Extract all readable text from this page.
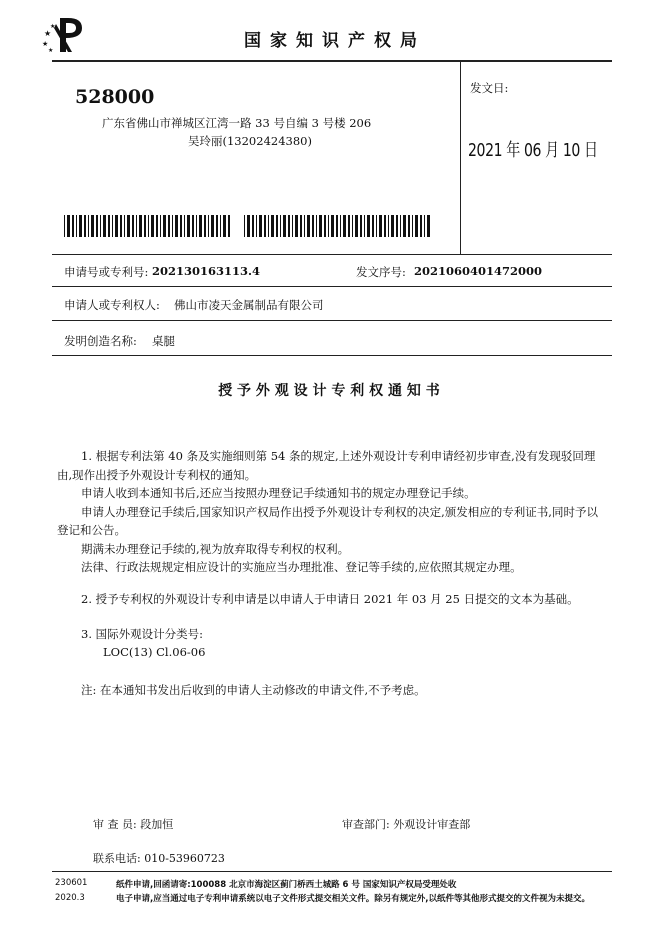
★
★
★
★
国家知识产权局
528000
广东省佛山市禅城区江湾一路 33 号自编 3 号楼 206
吴玲丽(13202424380)
发文日:
2021 年 06 月 10 日
申请号或专利号: 202130163113.4	发文序号: 2021060401472000
申请人或专利权人: 佛山市凌天金属制品有限公司
发明创造名称: 桌腿
授 予 外 观 设 计 专 利 权 通 知 书

1. 根据专利法第 40 条及实施细则第 54 条的规定,上述外观设计专利申请经初步审查,没有发现驳回理由,现作出授予外观设计专利权的通知。

申请人收到本通知书后,还应当按照办理登记手续通知书的规定办理登记手续。

申请人办理登记手续后,国家知识产权局作出授予外观设计专利权的决定,颁发相应的专利证书,同时予以登记和公告。

期满未办理登记手续的,视为放弃取得专利权的权利。

法律、行政法规规定相应设计的实施应当办理批准、登记等手续的,应依照其规定办理。

2. 授予专利权的外观设计专利申请是以申请人于申请日 2021 年 03 月 25 日提交的文本为基础。
3. 国际外观设计分类号:
LOC(13) Cl.06-06
注: 在本通知书发出后收到的申请人主动修改的申请文件,不予考虑。
审 查 员: 段加恒	审查部门: 外观设计审查部
联系电话: 010-53960723
230601
2020.3
纸件申请,回函请寄:100088 北京市海淀区蓟门桥西土城路 6 号 国家知识产权局受理处收
电子申请,应当通过电子专利申请系统以电子文件形式提交相关文件。除另有规定外,以纸件等其他形式提交的文件视为未提交。
